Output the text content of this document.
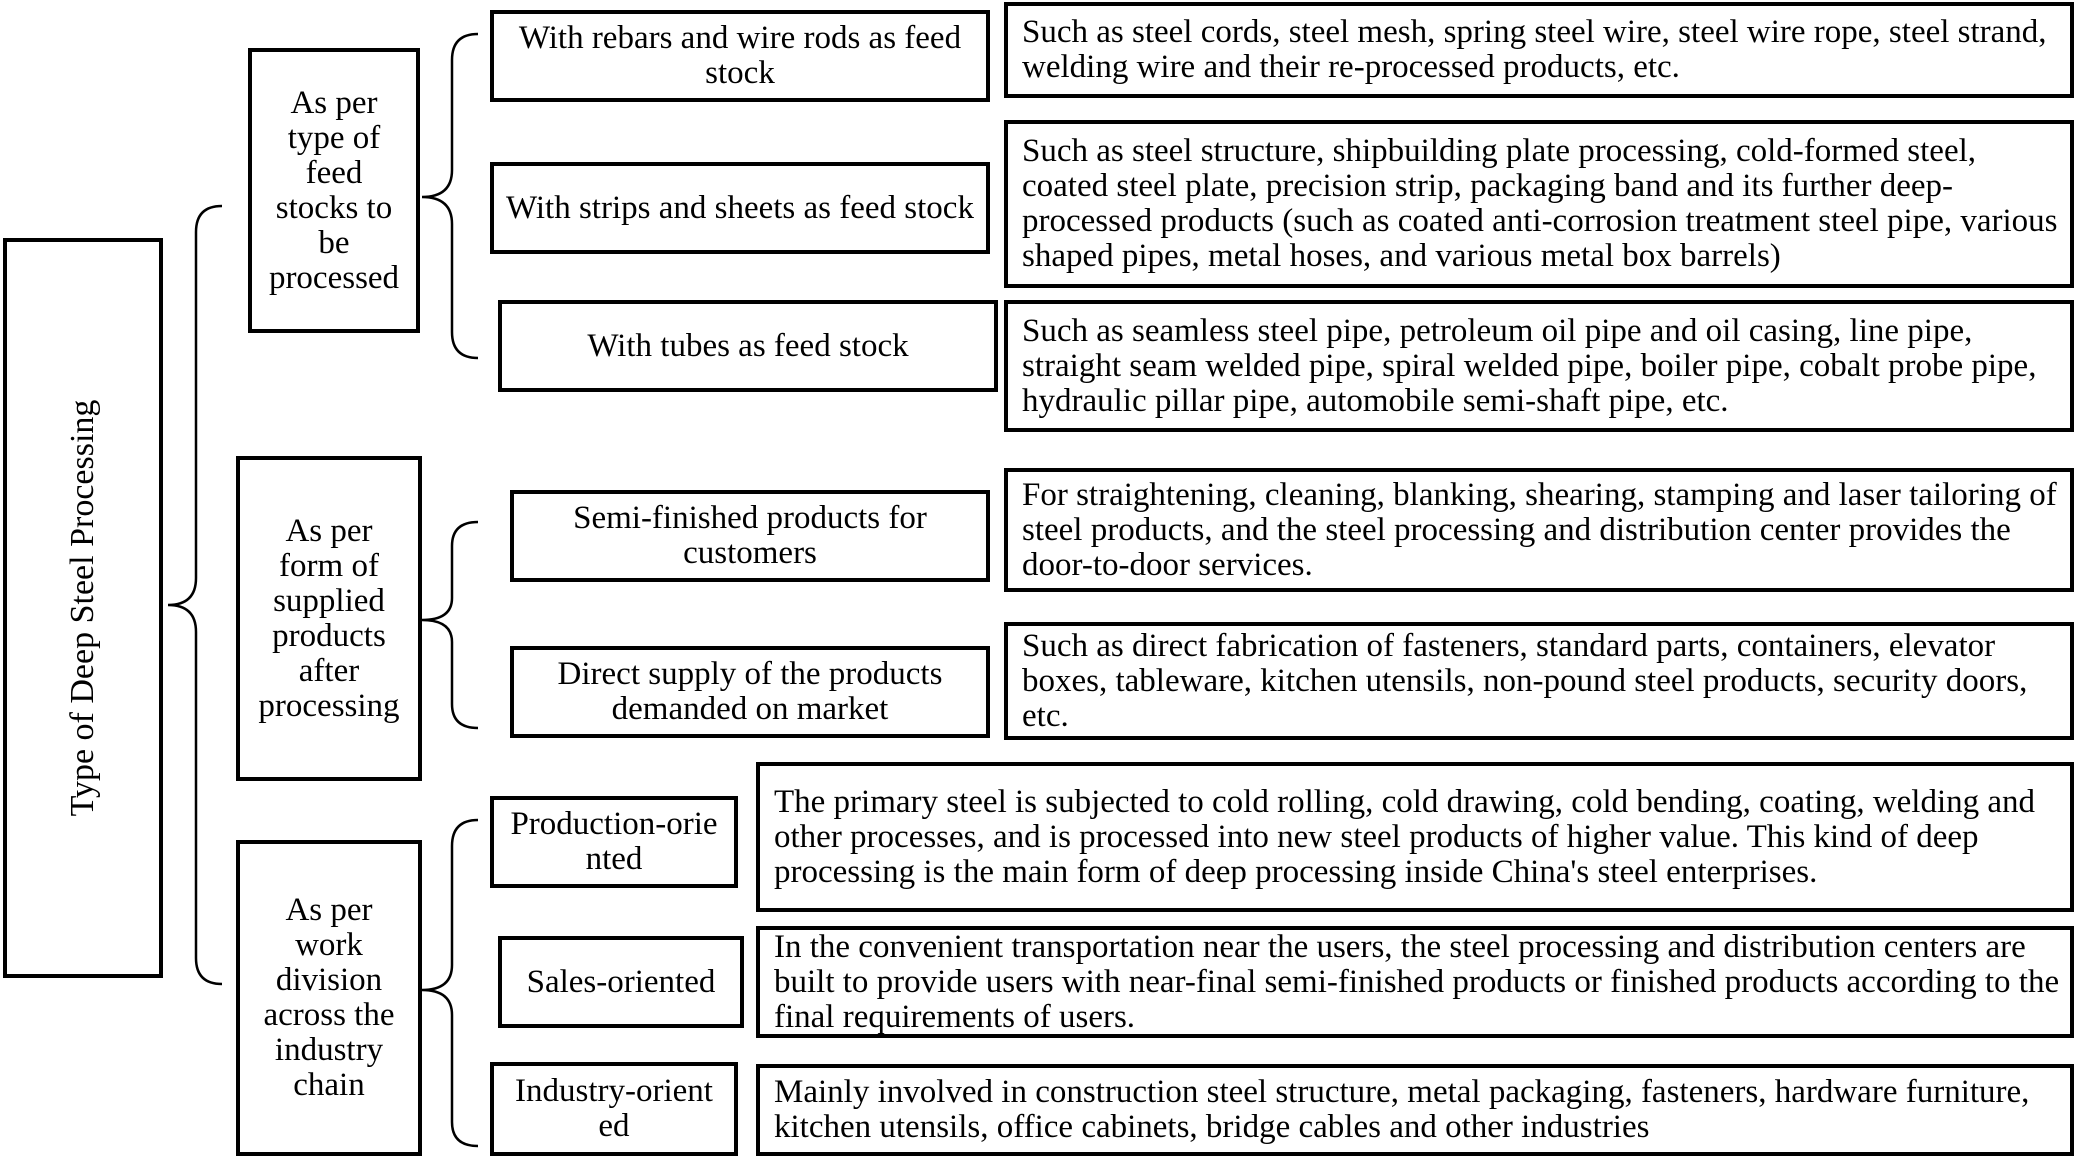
Type of Deep Steel Processing
As per
type of
feed
stocks to
be
processed
As per
form of
supplied
products
after
processing
As per
work
division
across the
industry
chain
With rebars and wire rods as feed stock
Such as steel cords, steel mesh, spring steel wire, steel wire rope, steel strand, welding wire and their re-processed products, etc.
With strips and sheets as feed stock
Such as steel structure, shipbuilding plate processing, cold-formed steel, coated steel plate, precision strip, packaging band and its further deep-processed products (such as coated anti-corrosion treatment steel pipe, various shaped pipes, metal hoses, and various metal box barrels)
With tubes as feed stock	Such as seamless steel pipe, petroleum oil pipe and oil casing, line pipe, straight seam welded pipe, spiral welded pipe, boiler pipe, cobalt probe pipe, hydraulic pillar pipe, automobile semi-shaft pipe, etc.
Semi-finished products for customers
For straightening, cleaning, blanking, shearing, stamping and laser tailoring of steel products, and the steel processing and distribution center provides the door-to-door services.
Direct supply of the products demanded on market
Such as direct fabrication of fasteners, standard parts, containers, elevator boxes, tableware, kitchen utensils, non-pound steel products, security doors, etc.
Production-orie
nted
The primary steel is subjected to cold rolling, cold drawing, cold bending, coating, welding and other processes, and is processed into new steel products of higher value. This kind of deep processing is the main form of deep processing inside China's steel enterprises.
Sales-oriented
In the convenient transportation near the users, the steel processing and distribution centers are built to provide users with near-final semi-finished products or finished products according to the final requirements of users.
Industry-orient
ed
Mainly involved in construction steel structure, metal packaging, fasteners, hardware furniture, kitchen utensils, office cabinets, bridge cables and other industries
